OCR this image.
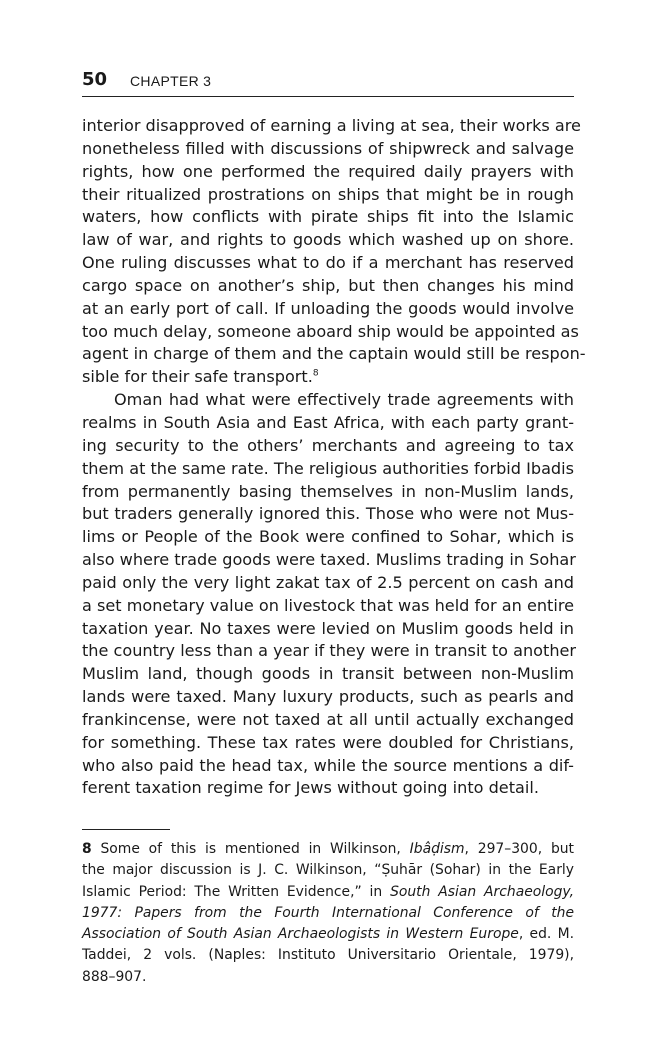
50 CHAPTER 3

interior disapproved of earning a living at sea, their works are
nonetheless filled with discussions of shipwreck and salvage
rights, how one performed the required daily prayers with
their ritualized prostrations on ships that might be in rough
waters, how conflicts with pirate ships fit into the Islamic
law of war, and rights to goods which washed up on shore.
One ruling discusses what to do if a merchant has reserved
cargo space on another’s ship, but then changes his mind
at an early port of call. If unloading the goods would involve
too much delay, someone aboard ship would be appointed as
agent in charge of them and the captain would still be respon-
sible for their safe transport.$^8$

Oman had what were effectively trade agreements with
realms in South Asia and East Africa, with each party grant-
ing security to the others’ merchants and agreeing to tax
them at the same rate. The religious authorities forbid Ibadis
from permanently basing themselves in non-Muslim lands,
but traders generally ignored this. Those who were not Mus-
lims or People of the Book were confined to Sohar, which is
also where trade goods were taxed. Muslims trading in Sohar
paid only the very light zakat tax of 2.5 percent on cash and
a set monetary value on livestock that was held for an entire
taxation year. No taxes were levied on Muslim goods held in
the country less than a year if they were in transit to another
Muslim land, though goods in transit between non-Muslim
lands were taxed. Many luxury products, such as pearls and
frankincense, were not taxed at all until actually exchanged
for something. These tax rates were doubled for Christians,
who also paid the head tax, while the source mentions a dif-
ferent taxation regime for Jews without going into detail.

8 Some of this is mentioned in Wilkinson, Ibâḍism, 297–300, but
the major discussion is J. C. Wilkinson, “Ṣuhār (Sohar) in the Early
Islamic Period: The Written Evidence,” in South Asian Archaeology,
1977: Papers from the Fourth International Conference of the
Association of South Asian Archaeologists in Western Europe, ed. M.
Taddei, 2 vols. (Naples: Instituto Universitario Orientale, 1979),
888–907.
